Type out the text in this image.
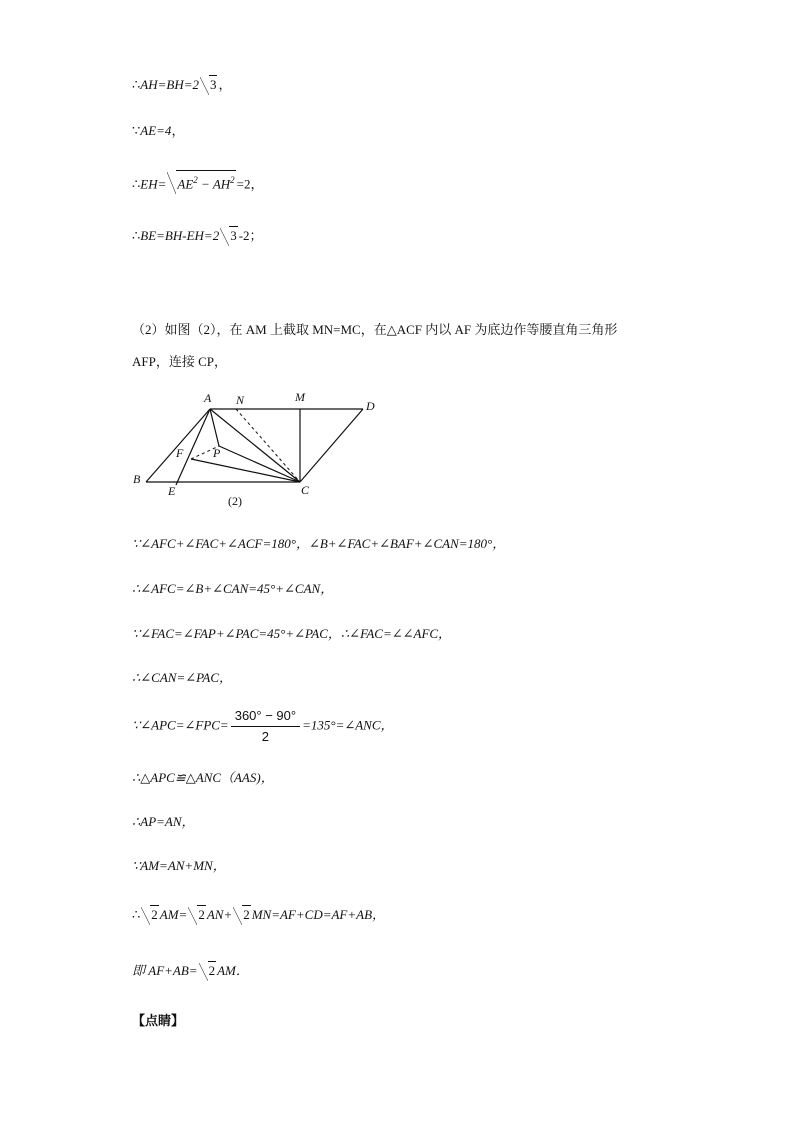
∴AH=BH=2 3 ，
∵AE=4，
∴EH= $AE^2 - AH^2 =2$，
∴BE=BH-EH=2 3 -2；
（2）如图（2），在 AM 上截取 MN=MC，在△ACF 内以 AF 为底边作等腰直角三角形
AFP，连接 CP，
A N	M
D
F P
B
E	C
(2)
∵∠AFC+∠FAC+∠ACF=180°，∠B+∠FAC+∠BAF+∠CAN=180°，
∴∠AFC=∠B+∠CAN=45°+∠CAN，
∵∠FAC=∠FAP+∠PAC=45°+∠PAC，∴∠FAC=∠∠AFC，
∴∠CAN=∠PAC，
∵∠APC=∠FPC= $\frac{360^\circ - 90^\circ}{2}$ =135°=∠ANC，
∴△APC≌△ANC（AAS)，
∴AP=AN，
∵AM=AN+MN，
∴ 2 AM= 2 AN+ 2 MN=AF+CD=AF+AB，
即 AF+AB= 2 AM．
【点睛】
